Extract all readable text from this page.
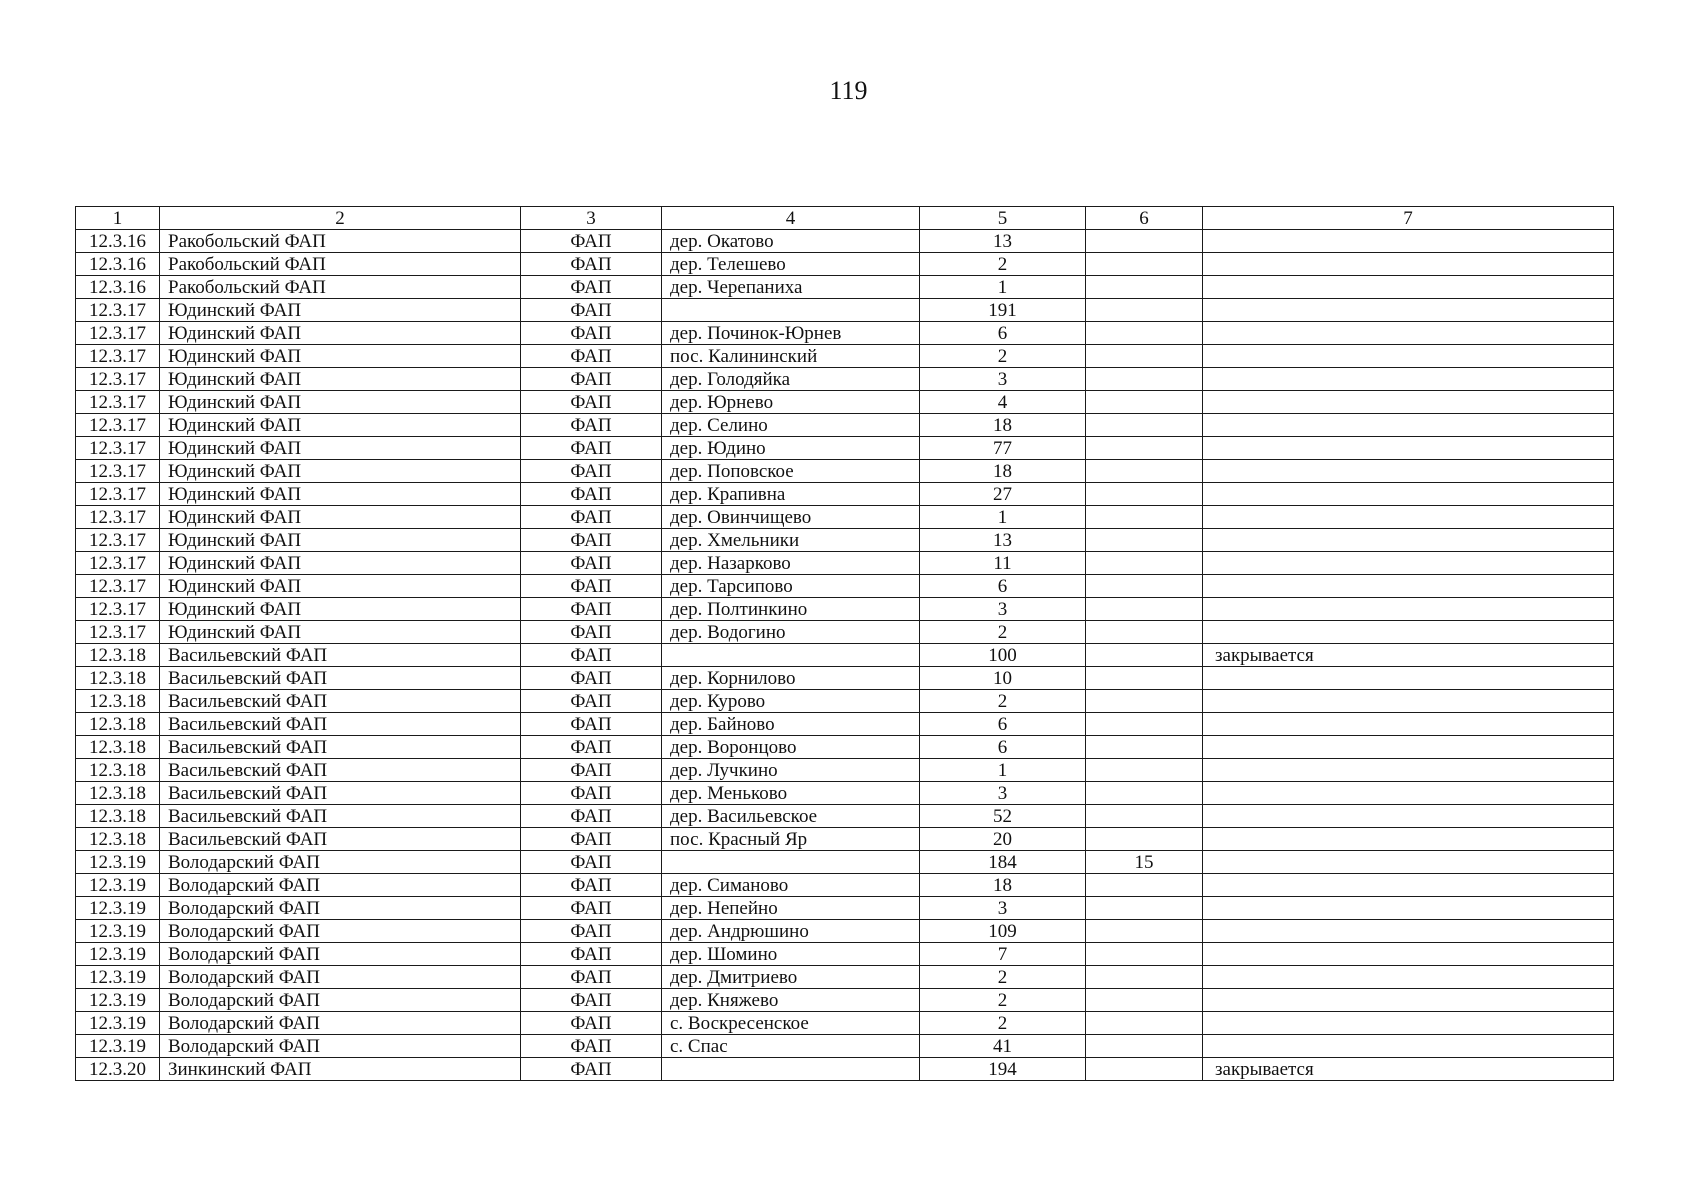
119
1	2	3	4	5	6	7
12.3.16	Ракобольский ФАП	ФАП	дер. Окатово	13		
12.3.16	Ракобольский ФАП	ФАП	дер. Телешево	2		
12.3.16	Ракобольский ФАП	ФАП	дер. Черепаниха	1		
12.3.17	Юдинский ФАП	ФАП		191		
12.3.17	Юдинский ФАП	ФАП	дер. Починок-Юрнев	6		
12.3.17	Юдинский ФАП	ФАП	пос. Калининский	2		
12.3.17	Юдинский ФАП	ФАП	дер. Голодяйка	3		
12.3.17	Юдинский ФАП	ФАП	дер. Юрнево	4		
12.3.17	Юдинский ФАП	ФАП	дер. Селино	18		
12.3.17	Юдинский ФАП	ФАП	дер. Юдино	77		
12.3.17	Юдинский ФАП	ФАП	дер. Поповское	18		
12.3.17	Юдинский ФАП	ФАП	дер. Крапивна	27		
12.3.17	Юдинский ФАП	ФАП	дер. Овинчищево	1		
12.3.17	Юдинский ФАП	ФАП	дер. Хмельники	13		
12.3.17	Юдинский ФАП	ФАП	дер. Назарково	11		
12.3.17	Юдинский ФАП	ФАП	дер. Тарсипово	6		
12.3.17	Юдинский ФАП	ФАП	дер. Полтинкино	3		
12.3.17	Юдинский ФАП	ФАП	дер. Водогино	2		
12.3.18	Васильевский ФАП	ФАП		100		закрывается
12.3.18	Васильевский ФАП	ФАП	дер. Корнилово	10		
12.3.18	Васильевский ФАП	ФАП	дер. Курово	2		
12.3.18	Васильевский ФАП	ФАП	дер. Байново	6		
12.3.18	Васильевский ФАП	ФАП	дер. Воронцово	6		
12.3.18	Васильевский ФАП	ФАП	дер. Лучкино	1		
12.3.18	Васильевский ФАП	ФАП	дер. Меньково	3		
12.3.18	Васильевский ФАП	ФАП	дер. Васильевское	52		
12.3.18	Васильевский ФАП	ФАП	пос. Красный Яр	20		
12.3.19	Володарский ФАП	ФАП		184	15	
12.3.19	Володарский ФАП	ФАП	дер. Симаново	18		
12.3.19	Володарский ФАП	ФАП	дер. Непейно	3		
12.3.19	Володарский ФАП	ФАП	дер. Андрюшино	109		
12.3.19	Володарский ФАП	ФАП	дер. Шомино	7		
12.3.19	Володарский ФАП	ФАП	дер. Дмитриево	2		
12.3.19	Володарский ФАП	ФАП	дер. Княжево	2		
12.3.19	Володарский ФАП	ФАП	с. Воскресенское	2		
12.3.19	Володарский ФАП	ФАП	с. Спас	41		
12.3.20	Зинкинский ФАП	ФАП		194		закрывается
